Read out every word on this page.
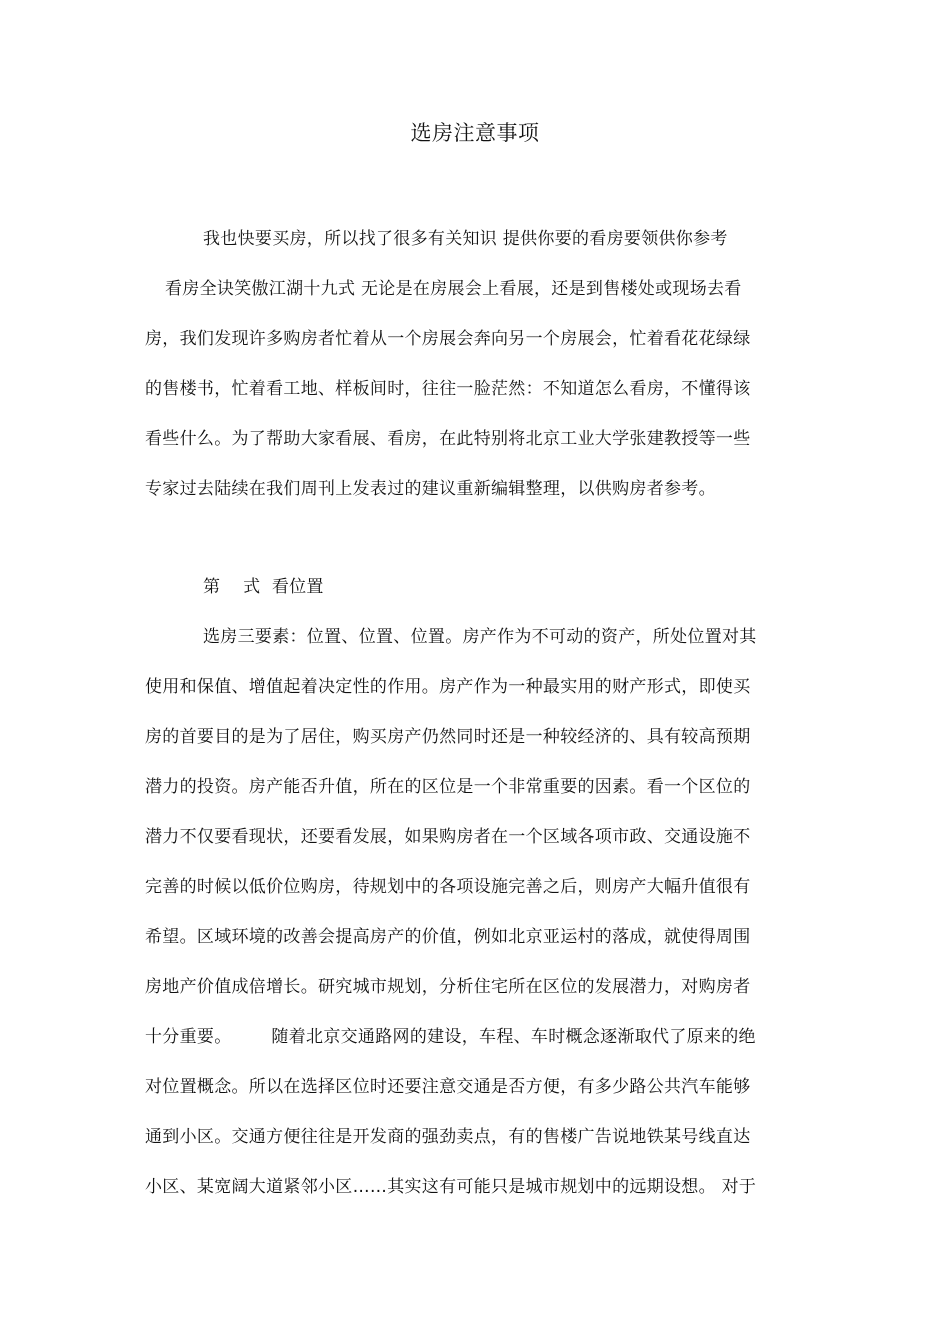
选房注意事项
我也快要买房，所以找了很多有关知识 提供你要的看房要领供你参考
看房全诀笑傲江湖十九式 无论是在房展会上看展，还是到售楼处或现场去看
房，我们发现许多购房者忙着从一个房展会奔向另一个房展会，忙着看花花绿绿
的售楼书，忙着看工地、样板间时，往往一脸茫然：不知道怎么看房，不懂得该
看些什么。为了帮助大家看展、看房，在此特别将北京工业大学张建教授等一些
专家过去陆续在我们周刊上发表过的建议重新编辑整理，以供购房者参考。
第    式  看位置
选房三要素：位置、位置、位置。房产作为不可动的资产，所处位置对其
使用和保值、增值起着决定性的作用。房产作为一种最实用的财产形式，即使买
房的首要目的是为了居住，购买房产仍然同时还是一种较经济的、具有较高预期
潜力的投资。房产能否升值，所在的区位是一个非常重要的因素。看一个区位的
潜力不仅要看现状，还要看发展，如果购房者在一个区域各项市政、交通设施不
完善的时候以低价位购房，待规划中的各项设施完善之后，则房产大幅升值很有
希望。区域环境的改善会提高房产的价值，例如北京亚运村的落成，就使得周围
房地产价值成倍增长。研究城市规划，分析住宅所在区位的发展潜力，对购房者
十分重要。       随着北京交通路网的建设，车程、车时概念逐渐取代了原来的绝
对位置概念。所以在选择区位时还要注意交通是否方便，有多少路公共汽车能够
通到小区。交通方便往往是开发商的强劲卖点，有的售楼广告说地铁某号线直达
小区、某宽阔大道紧邻小区……其实这有可能只是城市规划中的远期设想。 对于
